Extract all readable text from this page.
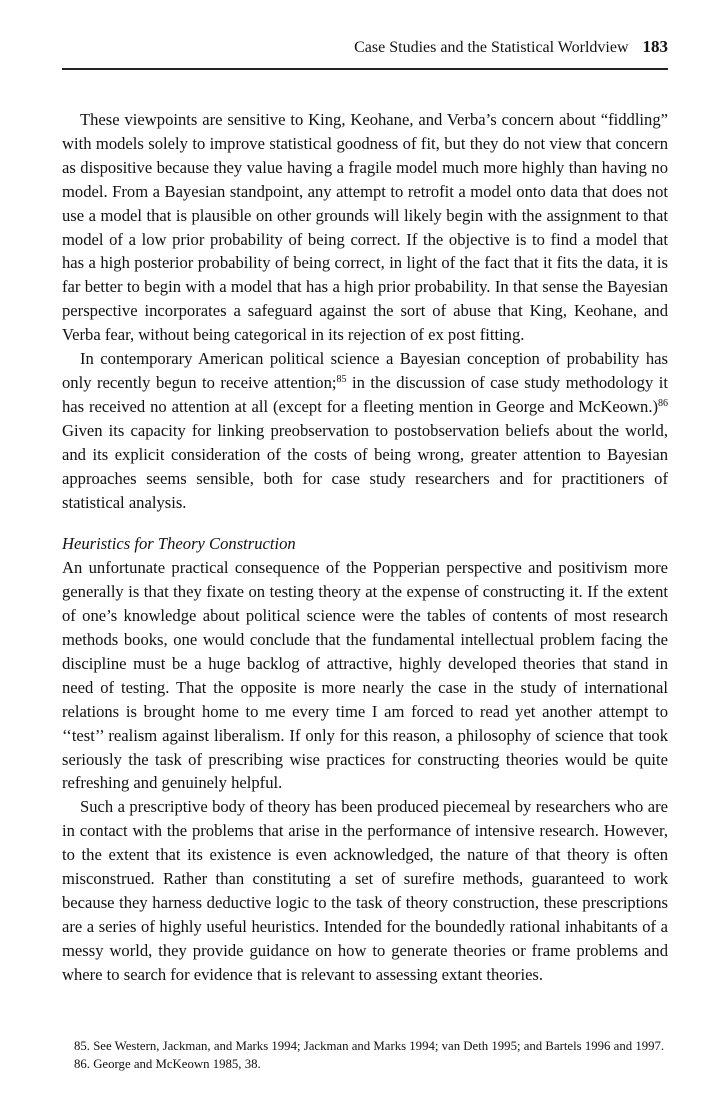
Case Studies and the Statistical Worldview 183

These viewpoints are sensitive to King, Keohane, and Verba’s concern about “fiddling” with models solely to improve statistical goodness of fit, but they do not view that concern as dispositive because they value having a fragile model much more highly than having no model. From a Bayesian standpoint, any attempt to retrofit a model onto data that does not use a model that is plausible on other grounds will likely begin with the assignment to that model of a low prior probability of being correct. If the objective is to find a model that has a high posterior probability of being correct, in light of the fact that it fits the data, it is far better to begin with a model that has a high prior probability. In that sense the Bayesian perspective incorporates a safeguard against the sort of abuse that King, Keohane, and Verba fear, without being categorical in its rejection of ex post fitting.

In contemporary American political science a Bayesian conception of probability has only recently begun to receive attention;$^{85}$ in the discussion of case study methodology it has received no attention at all (except for a fleeting mention in George and McKeown.)$^{86}$ Given its capacity for linking preobservation to postobservation beliefs about the world, and its explicit consideration of the costs of being wrong, greater attention to Bayesian approaches seems sensible, both for case study researchers and for practitioners of statistical analysis.

Heuristics for Theory Construction

An unfortunate practical consequence of the Popperian perspective and positivism more generally is that they fixate on testing theory at the expense of constructing it. If the extent of one’s knowledge about political science were the tables of contents of most research methods books, one would conclude that the fundamental intellectual problem facing the discipline must be a huge backlog of attractive, highly developed theories that stand in need of testing. That the opposite is more nearly the case in the study of international relations is brought home to me every time I am forced to read yet another attempt to ‘‘test’’ realism against liberalism. If only for this reason, a philosophy of science that took seriously the task of prescribing wise practices for constructing theories would be quite refreshing and genuinely helpful.

Such a prescriptive body of theory has been produced piecemeal by researchers who are in contact with the problems that arise in the performance of intensive research. However, to the extent that its existence is even acknowledged, the nature of that theory is often misconstrued. Rather than constituting a set of surefire methods, guaranteed to work because they harness deductive logic to the task of theory construction, these prescriptions are a series of highly useful heuristics. Intended for the boundedly rational inhabitants of a messy world, they provide guidance on how to generate theories or frame problems and where to search for evidence that is relevant to assessing extant theories.

85. See Western, Jackman, and Marks 1994; Jackman and Marks 1994; van Deth 1995; and Bartels 1996 and 1997.

86. George and McKeown 1985, 38.
